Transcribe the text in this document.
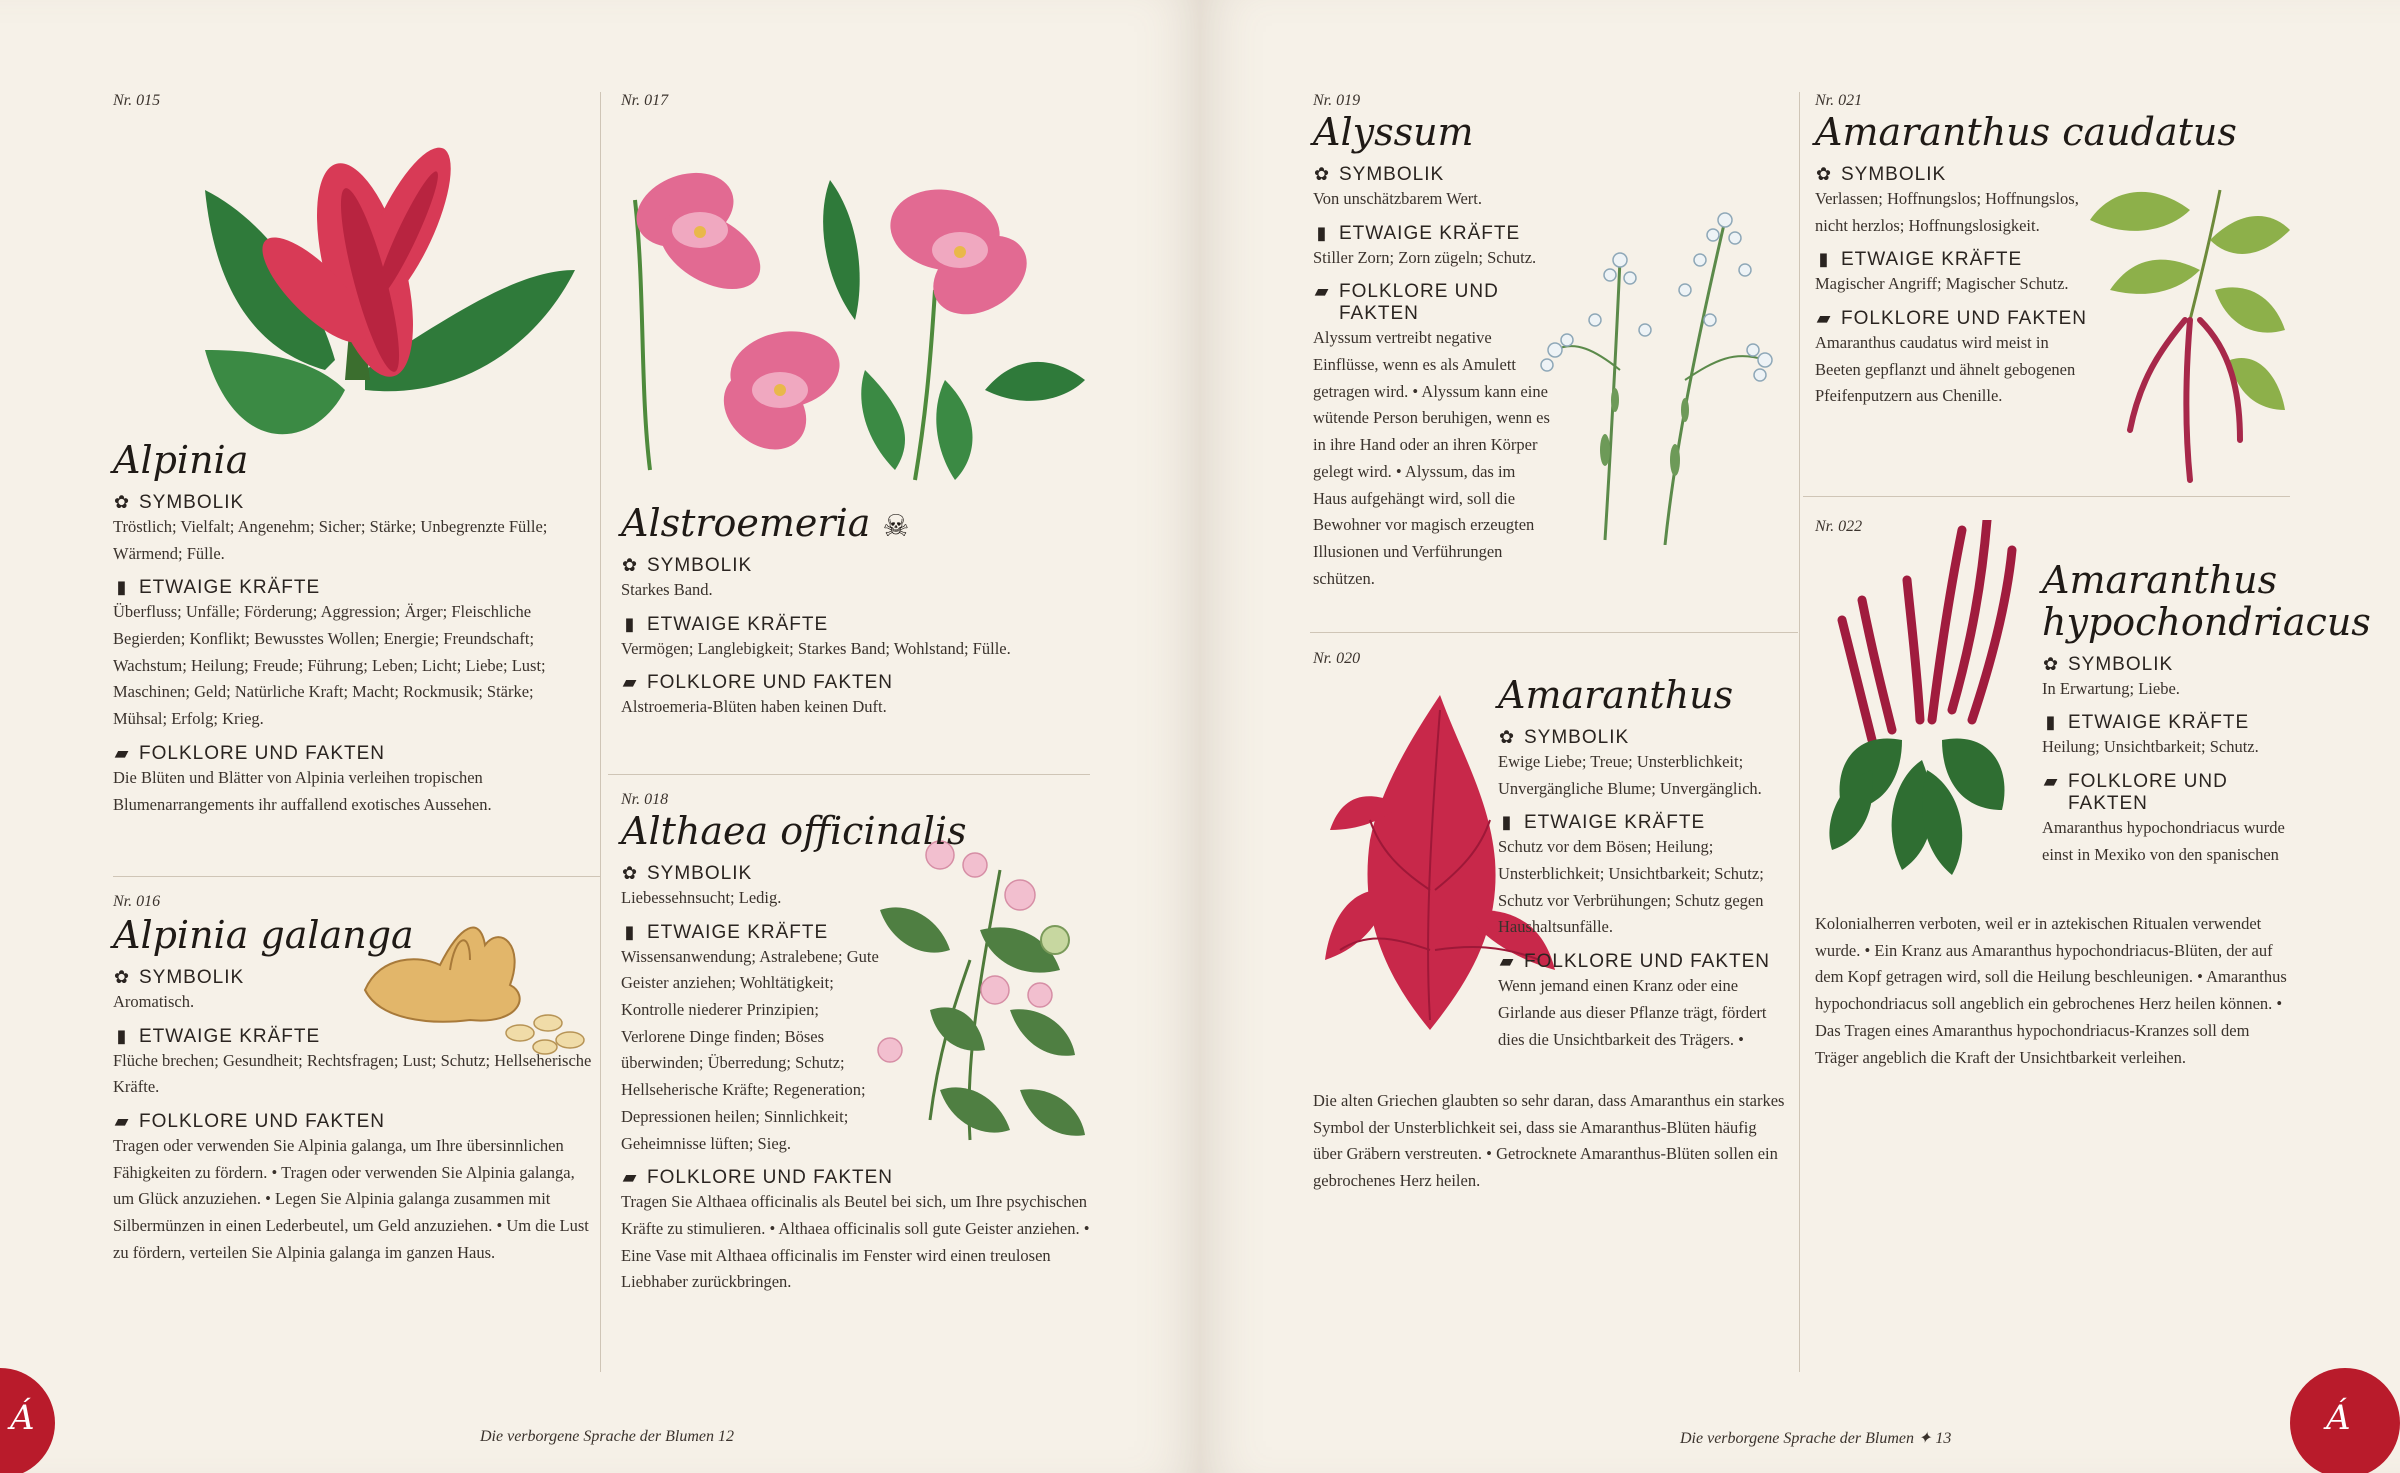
Nr. 015
Alpinia
✿ SYMBOLIK
Tröstlich; Vielfalt; Angenehm; Sicher; Stärke; Unbegrenzte Fülle; Wärmend; Fülle.
▮ ETWAIGE KRÄFTE
Überfluss; Unfälle; Förderung; Aggression; Ärger; Fleischliche Begierden; Konflikt; Bewusstes Wollen; Energie; Freundschaft; Wachstum; Heilung; Freude; Führung; Leben; Licht; Liebe; Lust; Maschinen; Geld; Natürliche Kraft; Macht; Rockmusik; Stärke; Mühsal; Erfolg; Krieg.
▰ FOLKLORE UND FAKTEN
Die Blüten und Blätter von Alpinia verleihen tropischen Blumenarrangements ihr auffallend exotisches Aussehen.
Nr. 016
Alpinia galanga
✿ SYMBOLIK
Aromatisch.
▮ ETWAIGE KRÄFTE
Flüche brechen; Gesundheit; Rechtsfragen; Lust; Schutz; Hellseherische Kräfte.
▰ FOLKLORE UND FAKTEN
Tragen oder verwenden Sie Alpinia galanga, um Ihre übersinnlichen Fähigkeiten zu fördern. • Tragen oder verwenden Sie Alpinia galanga, um Glück anzuziehen. • Legen Sie Alpinia galanga zusammen mit Silbermünzen in einen Lederbeutel, um Geld anzuziehen. • Um die Lust zu fördern, verteilen Sie Alpinia galanga im ganzen Haus.
Nr. 017
Alstroemeria ☠
✿ SYMBOLIK
Starkes Band.
▮ ETWAIGE KRÄFTE
Vermögen; Langlebigkeit; Starkes Band; Wohlstand; Fülle.
▰ FOLKLORE UND FAKTEN
Alstroemeria-Blüten haben keinen Duft.
Nr. 018
Althaea officinalis
✿ SYMBOLIK
Liebessehnsucht; Ledig.
▮ ETWAIGE KRÄFTE
Wissensanwendung; Astralebene; Gute Geister anziehen; Wohltätigkeit; Kontrolle niederer Prinzipien; Verlorene Dinge finden; Böses überwinden; Überredung; Schutz; Hellseherische Kräfte; Regeneration; Depressionen heilen; Sinnlichkeit; Geheimnisse lüften; Sieg.
▰ FOLKLORE UND FAKTEN
Tragen Sie Althaea officinalis als Beutel bei sich, um Ihre psychischen Kräfte zu stimulieren. • Althaea officinalis soll gute Geister anziehen. • Eine Vase mit Althaea officinalis im Fenster wird einen treulosen Liebhaber zurückbringen.
Á	Die verborgene Sprache der Blumen 12
Nr. 019
Alyssum
✿ SYMBOLIK
Von unschätzbarem Wert.
▮ ETWAIGE KRÄFTE
Stiller Zorn; Zorn zügeln; Schutz.
▰ FOLKLORE UND
FAKTEN
Alyssum vertreibt negative Einflüsse, wenn es als Amulett getragen wird. • Alyssum kann eine wütende Person beruhigen, wenn es in ihre Hand oder an ihren Körper gelegt wird. • Alyssum, das im Haus aufgehängt wird, soll die Bewohner vor magisch erzeugten Illusionen und Verführungen schützen.
Nr. 020
Amaranthus
✿ SYMBOLIK
Ewige Liebe; Treue; Unsterblichkeit; Unvergängliche Blume; Unvergänglich.
▮ ETWAIGE KRÄFTE
Schutz vor dem Bösen; Heilung; Unsterblichkeit; Unsichtbarkeit; Schutz; Schutz vor Verbrühungen; Schutz gegen Haushaltsunfälle.
▰ FOLKLORE UND FAKTEN
Wenn jemand einen Kranz oder eine Girlande aus dieser Pflanze trägt, fördert dies die Unsichtbarkeit des Trägers. •
Die alten Griechen glaubten so sehr daran, dass Amaranthus ein starkes Symbol der Unsterblichkeit sei, dass sie Amaranthus-Blüten häufig über Gräbern verstreuten. • Getrocknete Amaranthus-Blüten sollen ein gebrochenes Herz heilen.
Nr. 021
Amaranthus caudatus
✿ SYMBOLIK
Verlassen; Hoffnungslos; Hoffnungslos, nicht herzlos; Hoffnungslosigkeit.
▮ ETWAIGE KRÄFTE
Magischer Angriff; Magischer Schutz.
▰ FOLKLORE UND FAKTEN
Amaranthus caudatus wird meist in Beeten gepflanzt und ähnelt gebogenen Pfeifenputzern aus Chenille.
Nr. 022
Amaranthus
hypochondriacus
✿ SYMBOLIK
In Erwartung; Liebe.
▮ ETWAIGE KRÄFTE
Heilung; Unsichtbarkeit; Schutz.
▰ FOLKLORE UND
FAKTEN
Amaranthus hypochondriacus wurde einst in Mexiko von den spanischen
Kolonialherren verboten, weil er in aztekischen Ritualen verwendet wurde. • Ein Kranz aus Amaranthus hypochondriacus-Blüten, der auf dem Kopf getragen wird, soll die Heilung beschleunigen. • Amaranthus hypochondriacus soll angeblich ein gebrochenes Herz heilen können. • Das Tragen eines Amaranthus hypochondriacus-Kranzes soll dem Träger angeblich die Kraft der Unsichtbarkeit verleihen.
Die verborgene Sprache der Blumen ✦ 13
Á
